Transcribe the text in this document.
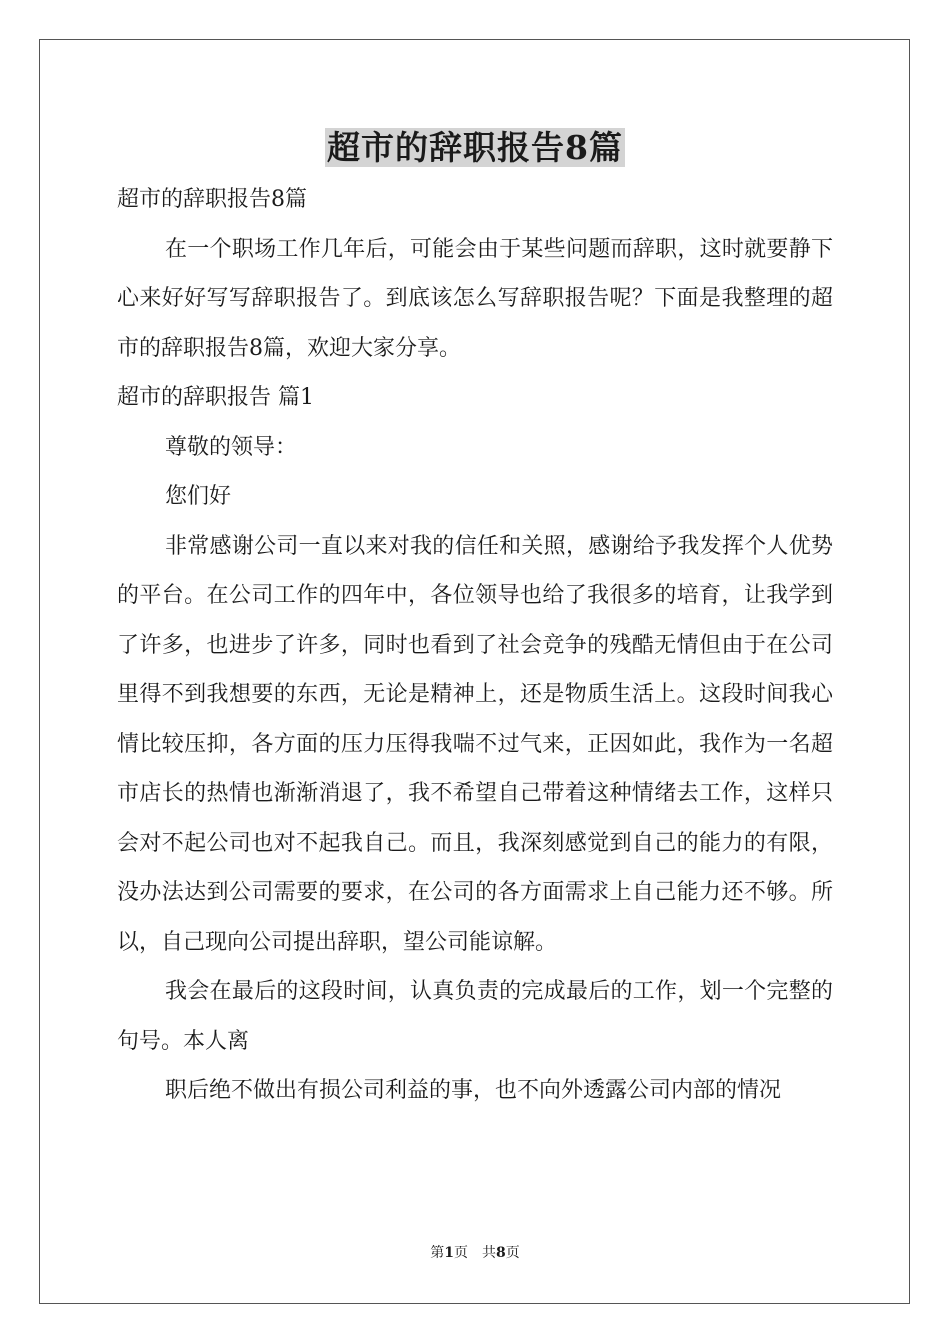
超市的辞职报告8篇

超市的辞职报告8篇

在一个职场工作几年后，可能会由于某些问题而辞职，这时就要静下心来好好写写辞职报告了。到底该怎么写辞职报告呢？下面是我整理的超市的辞职报告8篇，欢迎大家分享。

超市的辞职报告 篇1

尊敬的领导：

您们好

非常感谢公司一直以来对我的信任和关照，感谢给予我发挥个人优势的平台。在公司工作的四年中，各位领导也给了我很多的培育，让我学到了许多，也进步了许多，同时也看到了社会竞争的残酷无情但由于在公司里得不到我想要的东西，无论是精神上，还是物质生活上。这段时间我心情比较压抑，各方面的压力压得我喘不过气来，正因如此，我作为一名超市店长的热情也渐渐消退了，我不希望自己带着这种情绪去工作，这样只会对不起公司也对不起我自己。而且，我深刻感觉到自己的能力的有限，没办法达到公司需要的要求，在公司的各方面需求上自己能力还不够。所以，自己现向公司提出辞职，望公司能谅解。

我会在最后的这段时间，认真负责的完成最后的工作，划一个完整的句号。本人离

职后绝不做出有损公司利益的事，也不向外透露公司内部的情况

第1页　共8页
